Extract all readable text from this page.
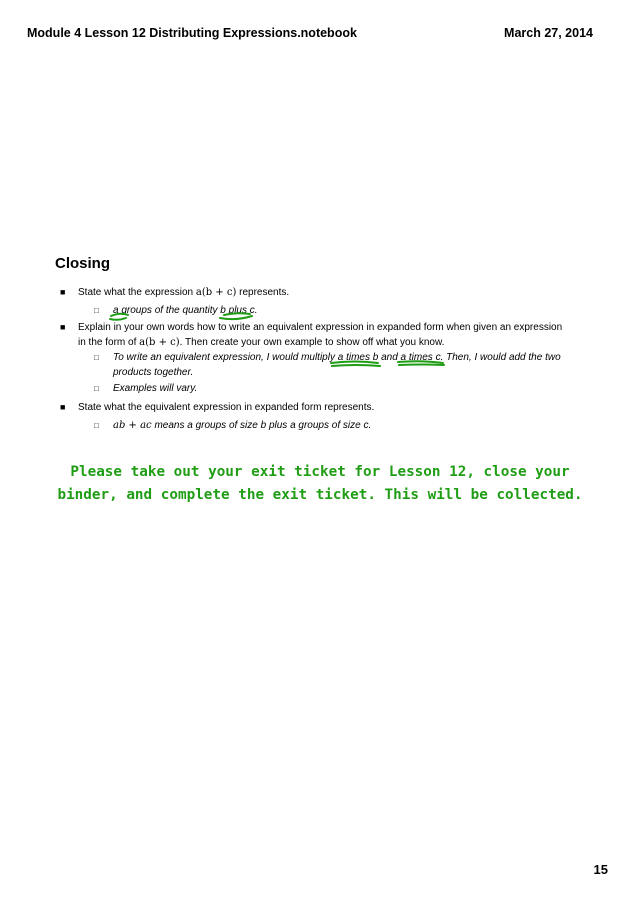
Module 4 Lesson 12 Distributing Expressions.notebook	March 27, 2014
Closing
■ State what the expression a(b + c) represents.
□ a groups of the quantity b plus c.
■ Explain in your own words how to write an equivalent expression in expanded form when given an expression
in the form of a(b + c). Then create your own example to show off what you know.
□ To write an equivalent expression, I would multiply a times b and a times c. Then, I would add the two
products together.
□ Examples will vary.
■ State what the equivalent expression in expanded form represents.
□ ab + ac means a groups of size b plus a groups of size c.
Please take out your exit ticket for Lesson 12, close your
binder, and complete the exit ticket. This will be collected.
15
